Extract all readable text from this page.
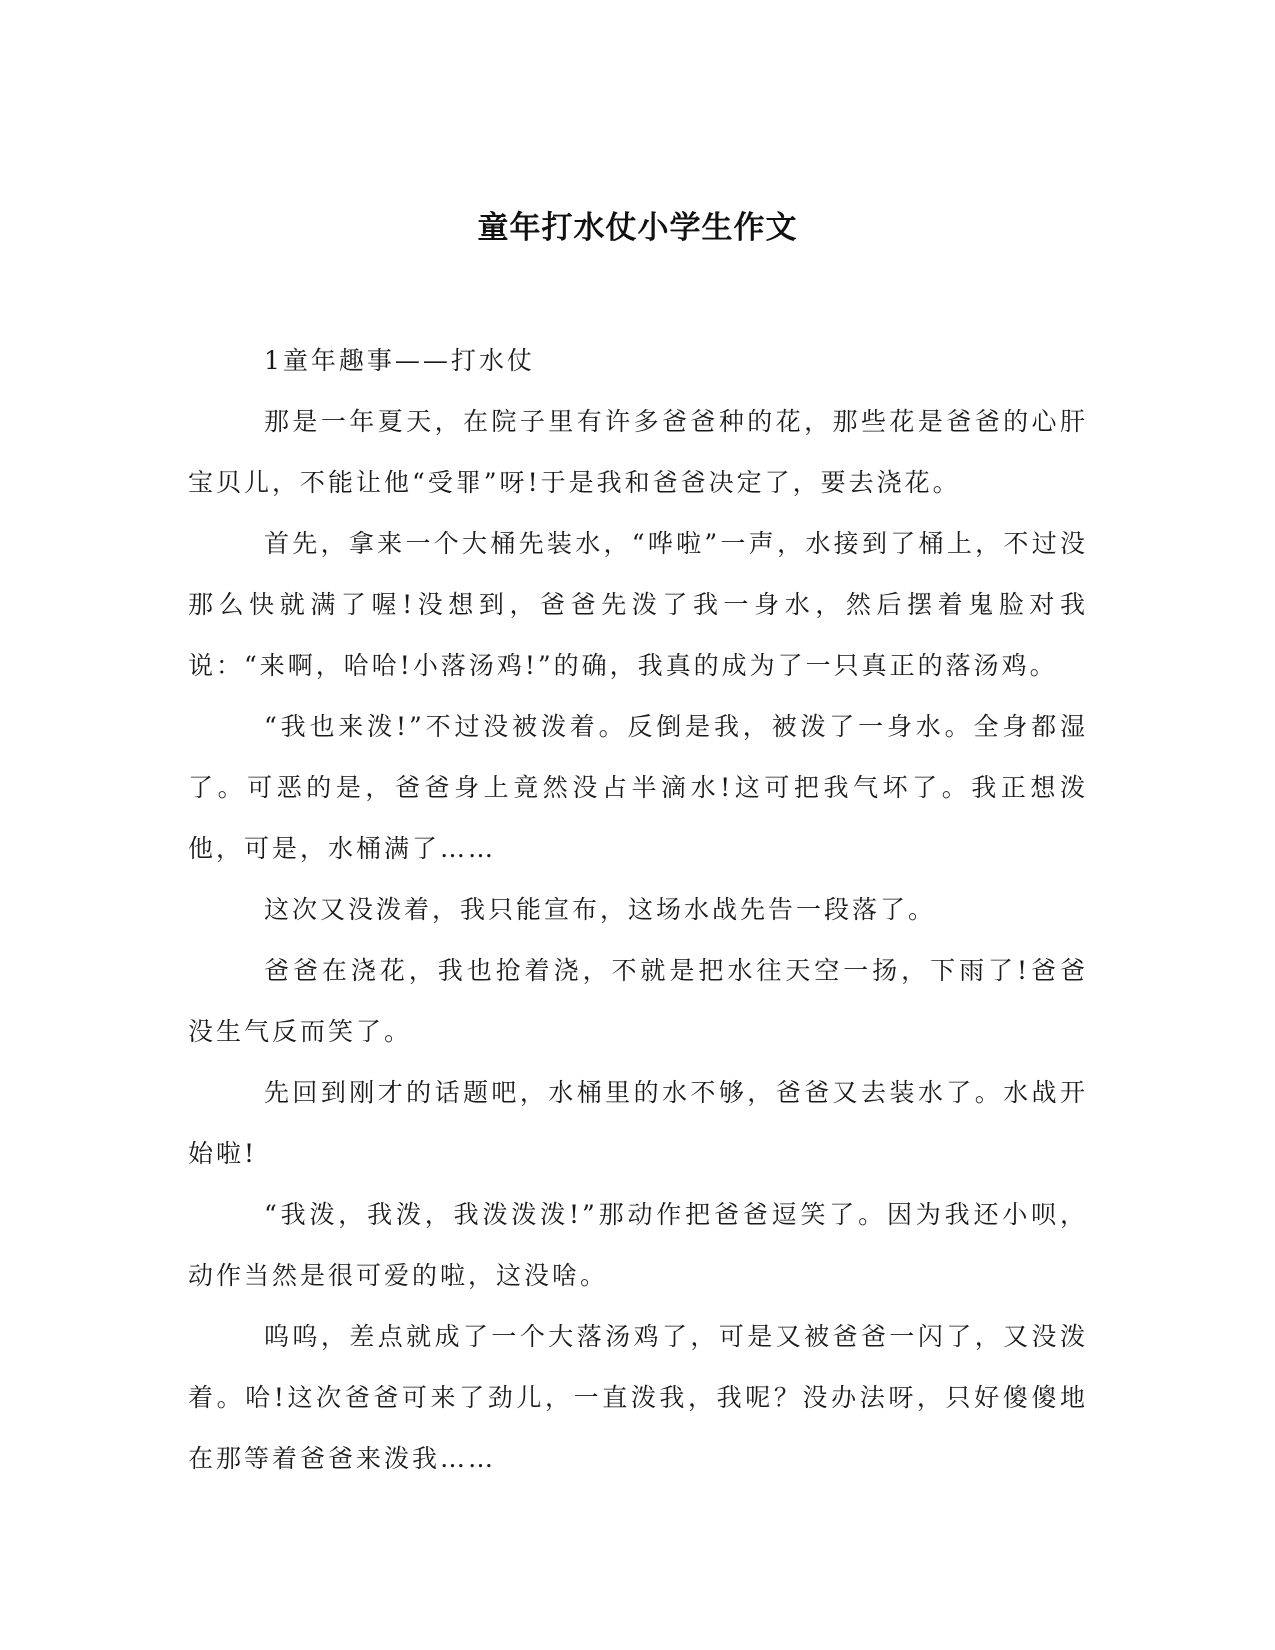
童年打水仗小学生作文

1童年趣事——打水仗

那是一年夏天，在院子里有许多爸爸种的花，那些花是爸爸的心肝宝贝儿，不能让他“受罪”呀!于是我和爸爸决定了，要去浇花。

首先，拿来一个大桶先装水，“哗啦”一声，水接到了桶上，不过没那么快就满了喔!没想到，爸爸先泼了我一身水，然后摆着鬼脸对我说：“来啊，哈哈!小落汤鸡!”的确，我真的成为了一只真正的落汤鸡。

“我也来泼!”不过没被泼着。反倒是我，被泼了一身水。全身都湿了。可恶的是，爸爸身上竟然没占半滴水!这可把我气坏了。我正想泼他，可是，水桶满了……

这次又没泼着，我只能宣布，这场水战先告一段落了。

爸爸在浇花，我也抢着浇，不就是把水往天空一扬，下雨了!爸爸没生气反而笑了。

先回到刚才的话题吧，水桶里的水不够，爸爸又去装水了。水战开始啦!

“我泼，我泼，我泼泼泼!”那动作把爸爸逗笑了。因为我还小呗，动作当然是很可爱的啦，这没啥。

呜呜，差点就成了一个大落汤鸡了，可是又被爸爸一闪了，又没泼着。哈!这次爸爸可来了劲儿，一直泼我，我呢？没办法呀，只好傻傻地在那等着爸爸来泼我……
